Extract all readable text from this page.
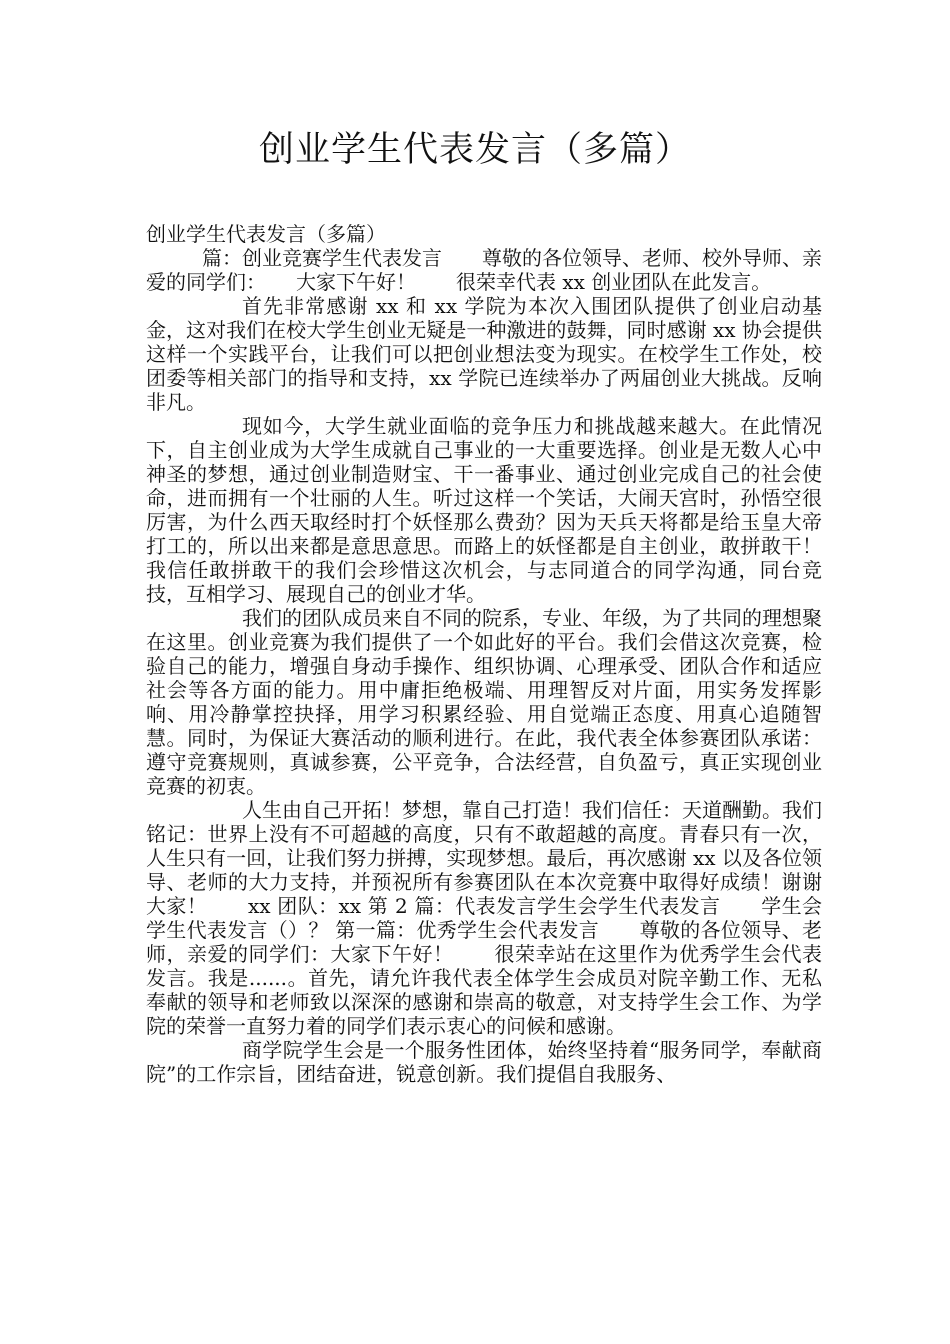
创业学生代表发言（多篇）

创业学生代表发言（多篇）

篇：创业竞赛学生代表发言　　尊敬的各位领导、老师、校外导师、亲爱的同学们：　　大家下午好！　　很荣幸代表 xx 创业团队在此发言。

首先非常感谢 xx 和 xx 学院为本次入围团队提供了创业启动基金，这对我们在校大学生创业无疑是一种激进的鼓舞，同时感谢 xx 协会提供这样一个实践平台，让我们可以把创业想法变为现实。在校学生工作处，校团委等相关部门的指导和支持，xx 学院已连续举办了两届创业大挑战。反响非凡。

现如今，大学生就业面临的竞争压力和挑战越来越大。在此情况下，自主创业成为大学生成就自己事业的一大重要选择。创业是无数人心中神圣的梦想，通过创业制造财宝、干一番事业、通过创业完成自己的社会使命，进而拥有一个壮丽的人生。听过这样一个笑话，大闹天宫时，孙悟空很厉害，为什么西天取经时打个妖怪那么费劲？因为天兵天将都是给玉皇大帝打工的，所以出来都是意思意思。而路上的妖怪都是自主创业，敢拼敢干！我信任敢拼敢干的我们会珍惜这次机会，与志同道合的同学沟通，同台竞技，互相学习、展现自己的创业才华。

我们的团队成员来自不同的院系，专业、年级，为了共同的理想聚在这里。创业竞赛为我们提供了一个如此好的平台。我们会借这次竞赛，检验自己的能力，增强自身动手操作、组织协调、心理承受、团队合作和适应社会等各方面的能力。用中庸拒绝极端、用理智反对片面，用实务发挥影响、用冷静掌控抉择，用学习积累经验、用自觉端正态度、用真心追随智慧。同时，为保证大赛活动的顺利进行。在此，我代表全体参赛团队承诺：遵守竞赛规则，真诚参赛，公平竞争，合法经营，自负盈亏，真正实现创业竞赛的初衷。

人生由自己开拓！梦想，靠自己打造！我们信任：天道酬勤。我们铭记：世界上没有不可超越的高度，只有不敢超越的高度。青春只有一次，人生只有一回，让我们努力拼搏，实现梦想。最后，再次感谢 xx 以及各位领导、老师的大力支持，并预祝所有参赛团队在本次竞赛中取得好成绩！谢谢大家！　　xx 团队：xx 第 2 篇：代表发言学生会学生代表发言　　学生会学生代表发言（）？ 第一篇：优秀学生会代表发言　　尊敬的各位领导、老师，亲爱的同学们：大家下午好！　　很荣幸站在这里作为优秀学生会代表发言。我是......。首先，请允许我代表全体学生会成员对院辛勤工作、无私奉献的领导和老师致以深深的感谢和崇高的敬意，对支持学生会工作、为学院的荣誉一直努力着的同学们表示衷心的问候和感谢。

商学院学生会是一个服务性团体，始终坚持着“服务同学，奉献商院”的工作宗旨，团结奋进，锐意创新。我们提倡自我服务、
